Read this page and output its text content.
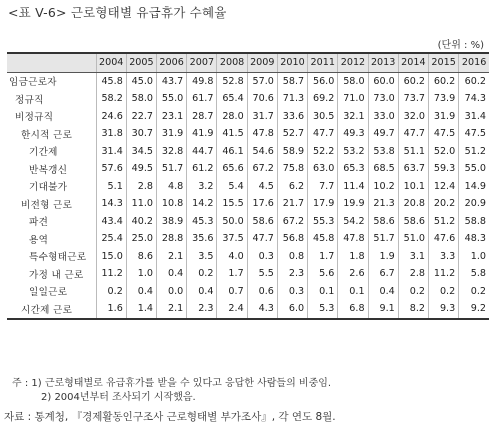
<표 V-6> 근로형태별 유급휴가 수혜율
(단위 : %)
	2004	2005	2006	2007	2008	2009	2010	2011	2012	2013	2014	2015	2016
임금근로자	45.8	45.0	43.7	49.8	52.8	57.0	58.7	56.0	58.0	60.0	60.2	60.2	60.2
정규직	58.2	58.0	55.0	61.7	65.4	70.6	71.3	69.2	71.0	73.0	73.7	73.9	74.3
비정규직	24.6	22.7	23.1	28.7	28.0	31.7	33.6	30.5	32.1	33.0	32.0	31.9	31.4
한시적 근로	31.8	30.7	31.9	41.9	41.5	47.8	52.7	47.7	49.3	49.7	47.7	47.5	47.5
기간제	31.4	34.5	32.8	44.7	46.1	54.6	58.9	52.2	53.2	53.8	51.1	52.0	51.2
반복갱신	57.6	49.5	51.7	61.2	65.6	67.2	75.8	63.0	65.3	68.5	63.7	59.3	55.0
기대불가	5.1	2.8	4.8	3.2	5.4	4.5	6.2	7.7	11.4	10.2	10.1	12.4	14.9
비전형 근로	14.3	11.0	10.8	14.2	15.5	17.6	21.7	17.9	19.9	21.3	20.8	20.2	20.9
파견	43.4	40.2	38.9	45.3	50.0	58.6	67.2	55.3	54.2	58.6	58.6	51.2	58.8
용역	25.4	25.0	28.8	35.6	37.5	47.7	56.8	45.8	47.8	51.7	51.0	47.6	48.3
특수형태근로	15.0	8.6	2.1	3.5	4.0	0.3	0.8	1.7	1.8	1.9	3.1	3.3	1.0
가정 내 근로	11.2	1.0	0.4	0.2	1.7	5.5	2.3	5.6	2.6	6.7	2.8	11.2	5.8
일일근로	0.2	0.4	0.0	0.4	0.7	0.6	0.3	0.1	0.1	0.4	0.2	0.2	0.2
시간제 근로	1.6	1.4	2.1	2.3	2.4	4.3	6.0	5.3	6.8	9.1	8.2	9.3	9.2
주 : 1) 근로형태별로 유급휴가를 받을 수 있다고 응답한 사람들의 비중임.
2) 2004년부터 조사되기 시작했음.
자료 : 통계청, 『경제활동인구조사 근로형태별 부가조사』, 각 연도 8월.
